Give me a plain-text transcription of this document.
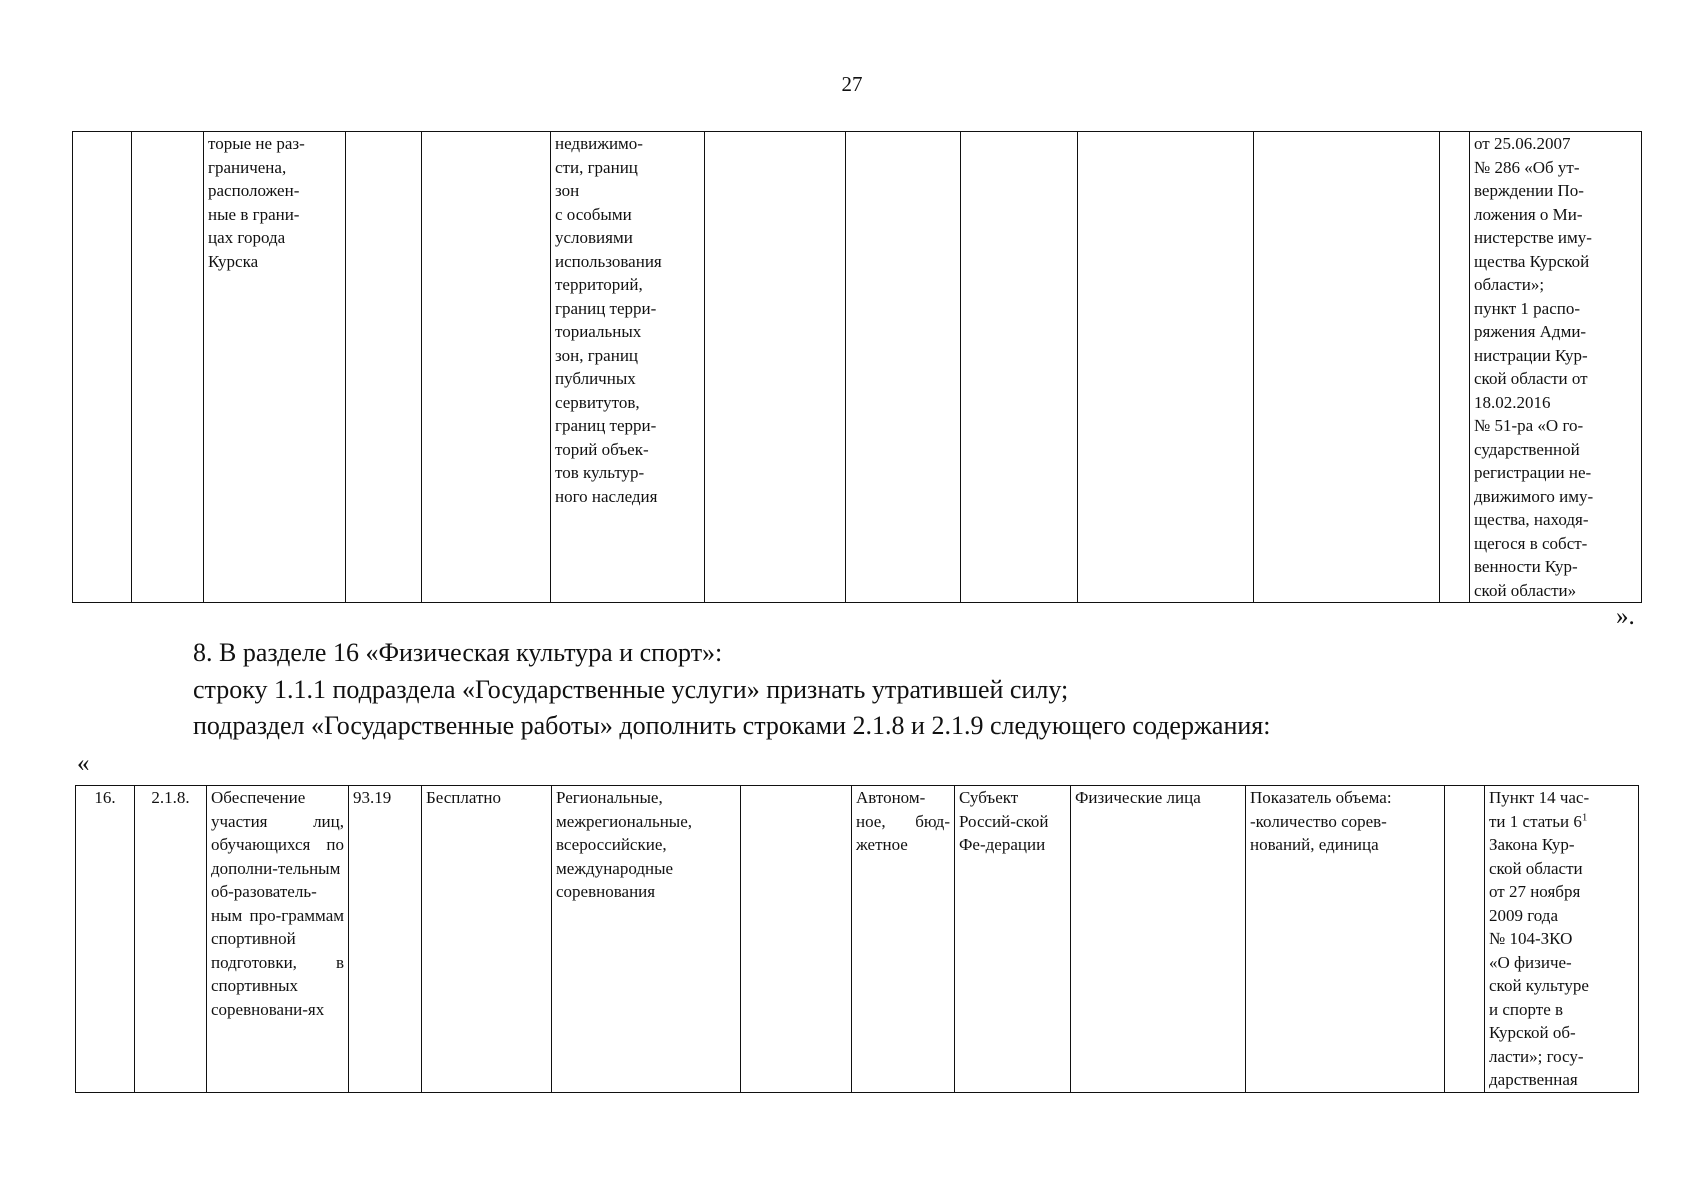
27
		торые не раз-
граничена,
расположен-
ные в грани-
цах города
Курска			недвижимо-
сти, границ
зон
с особыми
условиями
использования
территорий,
границ терри-
ториальных
зон, границ
публичных
сервитутов,
границ терри-
торий объек-
тов культур-
ного наследия							от 25.06.2007
№ 286 «Об ут-
верждении По-
ложения о Ми-
нистерстве иму-
щества Курской
области»;
пункт 1 распо-
ряжения Адми-
нистрации Кур-
ской области от
18.02.2016
№ 51-ра «О го-
сударственной
регистрации не-
движимого иму-
щества, находя-
щегося в собст-
венности Кур-
ской области»
».
8. В разделе 16 «Физическая культура и спорт»:
строку 1.1.1 подраздела «Государственные услуги» признать утратившей силу;
подраздел «Государственные работы» дополнить строками 2.1.8 и 2.1.9 следующего содержания:
«
16.	2.1.8.	Обеспечение участия лиц, обучающихся по дополни-тельным об-разователь-ным про-граммам спортивной подготовки, в спортивных соревновани-ях	93.19	Бесплатно	Региональные,
межрегиональные,
всероссийские,
международные
соревнования		Автоном-ное, бюд-жетное	Субъект Россий-ской Фе-дерации	Физические лица	Показатель объема:
-количество сорев-
нований, единица		Пункт 14 час-
ти 1 статьи $6^1$
Закона Кур-
ской области
от 27 ноября
2009 года
№ 104-ЗКО
«О физиче-
ской культуре
и спорте в
Курской об-
ласти»; госу-
дарственная
